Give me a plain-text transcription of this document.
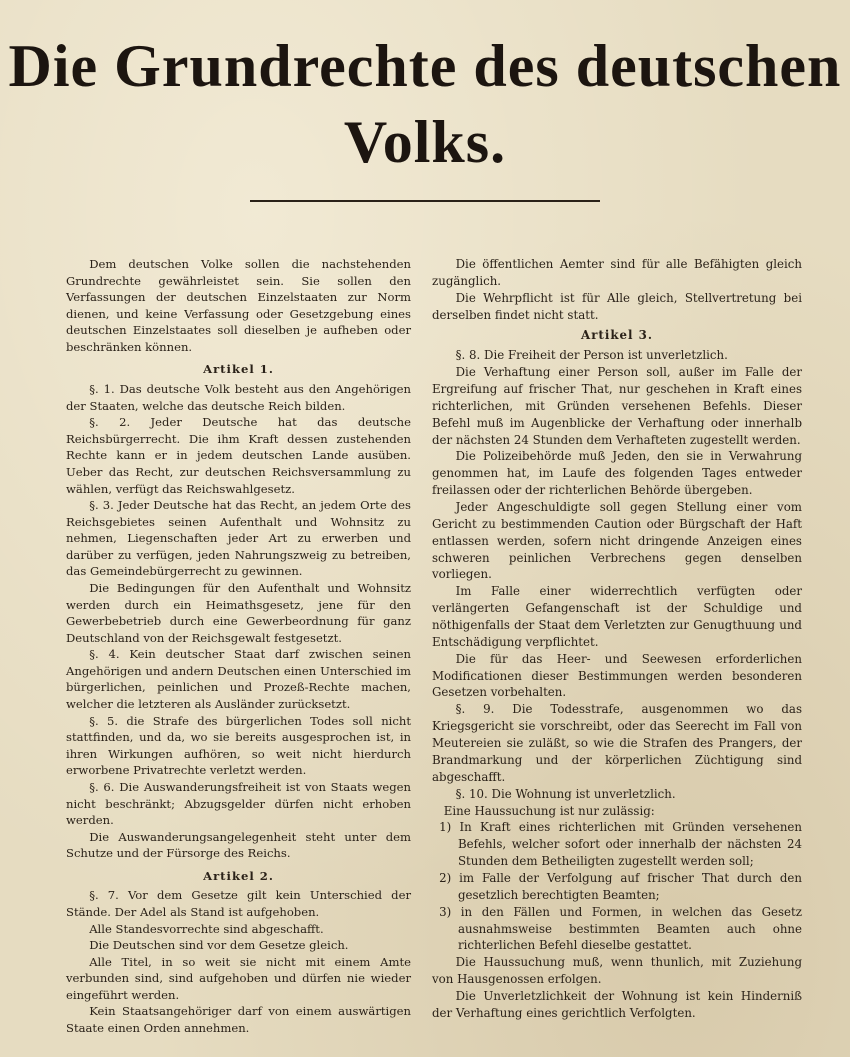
Die Grundrechte des deutschen
Volks.

Dem deutschen Volke sollen die nachstehenden Grundrechte gewährleistet sein. Sie sollen den Verfassungen der deutschen Einzelstaaten zur Norm dienen, und keine Verfassung oder Gesetzgebung eines deutschen Einzelstaates soll dieselben je aufheben oder beschränken können.

Artikel 1.

§. 1. Das deutsche Volk besteht aus den Angehörigen der Staaten, welche das deutsche Reich bilden.

§. 2. Jeder Deutsche hat das deutsche Reichsbürgerrecht. Die ihm Kraft dessen zustehenden Rechte kann er in jedem deutschen Lande ausüben. Ueber das Recht, zur deutschen Reichsversammlung zu wählen, verfügt das Reichswahlgesetz.

§. 3. Jeder Deutsche hat das Recht, an jedem Orte des Reichsgebietes seinen Aufenthalt und Wohnsitz zu nehmen, Liegenschaften jeder Art zu erwerben und darüber zu verfügen, jeden Nahrungszweig zu betreiben, das Gemeindebürgerrecht zu gewinnen.

Die Bedingungen für den Aufenthalt und Wohnsitz werden durch ein Heimathsgesetz, jene für den Gewerbebetrieb durch eine Gewerbeordnung für ganz Deutschland von der Reichsgewalt festgesetzt.

§. 4. Kein deutscher Staat darf zwischen seinen Angehörigen und andern Deutschen einen Unterschied im bürgerlichen, peinlichen und Prozeß-Rechte machen, welcher die letzteren als Ausländer zurücksetzt.

§. 5. die Strafe des bürgerlichen Todes soll nicht stattfinden, und da, wo sie bereits ausgesprochen ist, in ihren Wirkungen aufhören, so weit nicht hierdurch erworbene Privatrechte verletzt werden.

§. 6. Die Auswanderungsfreiheit ist von Staats wegen nicht beschränkt; Abzugsgelder dürfen nicht erhoben werden.

Die Auswanderungsangelegenheit steht unter dem Schutze und der Fürsorge des Reichs.

Artikel 2.

§. 7. Vor dem Gesetze gilt kein Unterschied der Stände. Der Adel als Stand ist aufgehoben.

Alle Standesvorrechte sind abgeschafft.

Die Deutschen sind vor dem Gesetze gleich.

Alle Titel, in so weit sie nicht mit einem Amte verbunden sind, sind aufgehoben und dürfen nie wieder eingeführt werden.

Kein Staatsangehöriger darf von einem auswärtigen Staate einen Orden annehmen.

Die öffentlichen Aemter sind für alle Befähigten gleich zugänglich.

Die Wehrpflicht ist für Alle gleich, Stellvertretung bei derselben findet nicht statt.

Artikel 3.

§. 8. Die Freiheit der Person ist unverletzlich.

Die Verhaftung einer Person soll, außer im Falle der Ergreifung auf frischer That, nur geschehen in Kraft eines richterlichen, mit Gründen versehenen Befehls. Dieser Befehl muß im Augenblicke der Verhaftung oder innerhalb der nächsten 24 Stunden dem Verhafteten zugestellt werden.

Die Polizeibehörde muß Jeden, den sie in Verwahrung genommen hat, im Laufe des folgenden Tages entweder freilassen oder der richterlichen Behörde übergeben.

Jeder Angeschuldigte soll gegen Stellung einer vom Gericht zu bestimmenden Caution oder Bürgschaft der Haft entlassen werden, sofern nicht dringende Anzeigen eines schweren peinlichen Verbrechens gegen denselben vorliegen.

Im Falle einer widerrechtlich verfügten oder verlängerten Gefangenschaft ist der Schuldige und nöthigenfalls der Staat dem Verletzten zur Genugthuung und Entschädigung verpflichtet.

Die für das Heer- und Seewesen erforderlichen Modificationen dieser Bestimmungen werden besonderen Gesetzen vorbehalten.

§. 9. Die Todesstrafe, ausgenommen wo das Kriegsgericht sie vorschreibt, oder das Seerecht im Fall von Meutereien sie zuläßt, so wie die Strafen des Prangers, der Brandmarkung und der körperlichen Züchtigung sind abgeschafft.

§. 10. Die Wohnung ist unverletzlich.

Eine Haussuchung ist nur zulässig:

1) In Kraft eines richterlichen mit Gründen versehenen Befehls, welcher sofort oder innerhalb der nächsten 24 Stunden dem Betheiligten zugestellt werden soll;

2) im Falle der Verfolgung auf frischer That durch den gesetzlich berechtigten Beamten;

3) in den Fällen und Formen, in welchen das Gesetz ausnahmsweise bestimmten Beamten auch ohne richterlichen Befehl dieselbe gestattet.

Die Haussuchung muß, wenn thunlich, mit Zuziehung von Hausgenossen erfolgen.

Die Unverletzlichkeit der Wohnung ist kein Hinderniß der Verhaftung eines gerichtlich Verfolgten.
